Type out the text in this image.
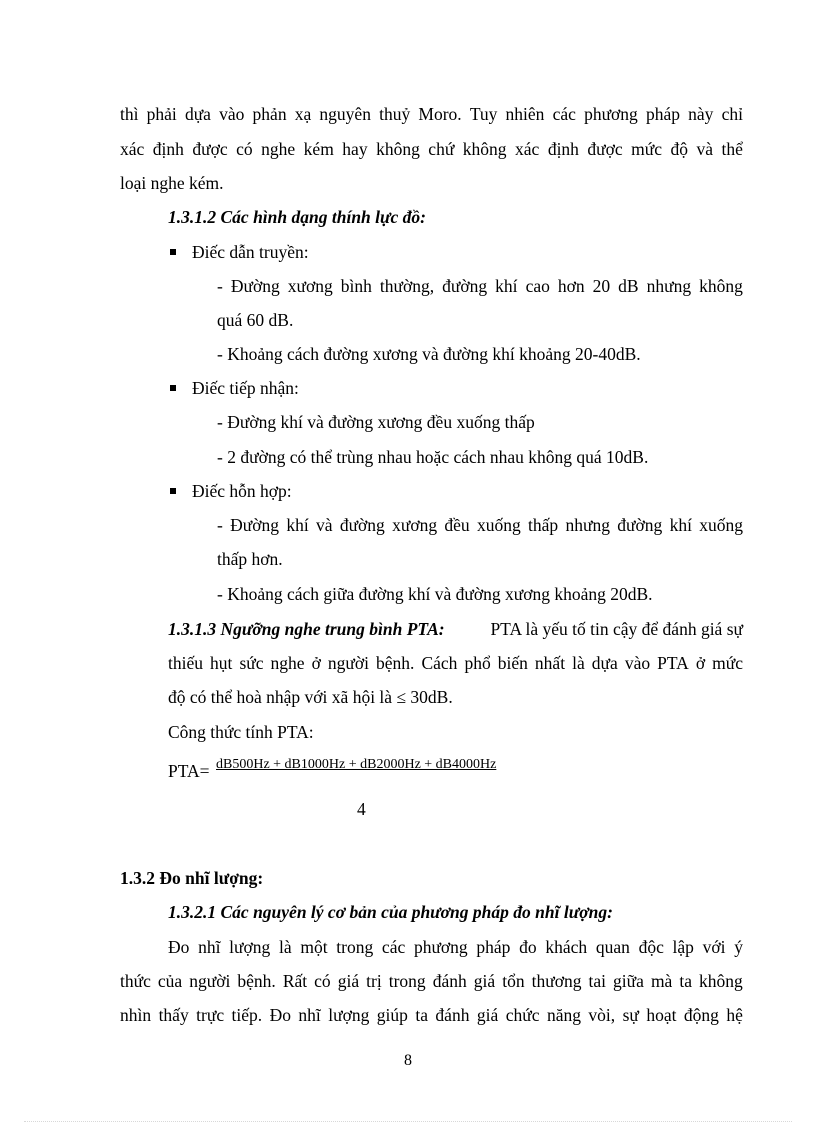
thì phải dựa vào phản xạ nguyên thuỷ Moro. Tuy nhiên các phương pháp này chỉ
xác định được có nghe kém hay không chứ không xác định được mức độ và thể
loại nghe kém.
1.3.1.2 Các hình dạng thính lực đồ:
Điếc dẫn truyền:
- Đường xương bình thường, đường khí cao hơn 20 dB nhưng không
quá 60 dB.
- Khoảng cách đường xương và đường khí khoảng 20-40dB.
Điếc tiếp nhận:
- Đường khí và đường xương đều xuống thấp
- 2 đường có thể trùng nhau hoặc cách nhau không quá 10dB.
Điếc hỗn hợp:
- Đường khí và đường xương đều xuống thấp nhưng đường khí xuống
thấp hơn.
- Khoảng cách giữa đường khí và đường xương khoảng 20dB.
1.3.1.3 Ngưỡng nghe trung bình PTA:	PTA là yếu tố tin cậy để đánh giá sự
thiếu hụt sức nghe ở người bệnh. Cách phổ biến nhất là dựa vào PTA ở mức
độ có thể hoà nhập với xã hội là ≤ 30dB.
Công thức tính PTA:
PTA= dB500Hz + dB1000Hz + dB2000Hz + dB4000Hz
4
1.3.2 Đo nhĩ lượng:
1.3.2.1 Các nguyên lý cơ bản của phương pháp đo nhĩ lượng:
Đo nhĩ lượng là một trong các phương pháp đo khách quan độc lập với ý
thức của người bệnh. Rất có giá trị trong đánh giá tổn thương tai giữa mà ta không
nhìn thấy trực tiếp. Đo nhĩ lượng giúp ta đánh giá chức năng vòi, sự hoạt động hệ
8
